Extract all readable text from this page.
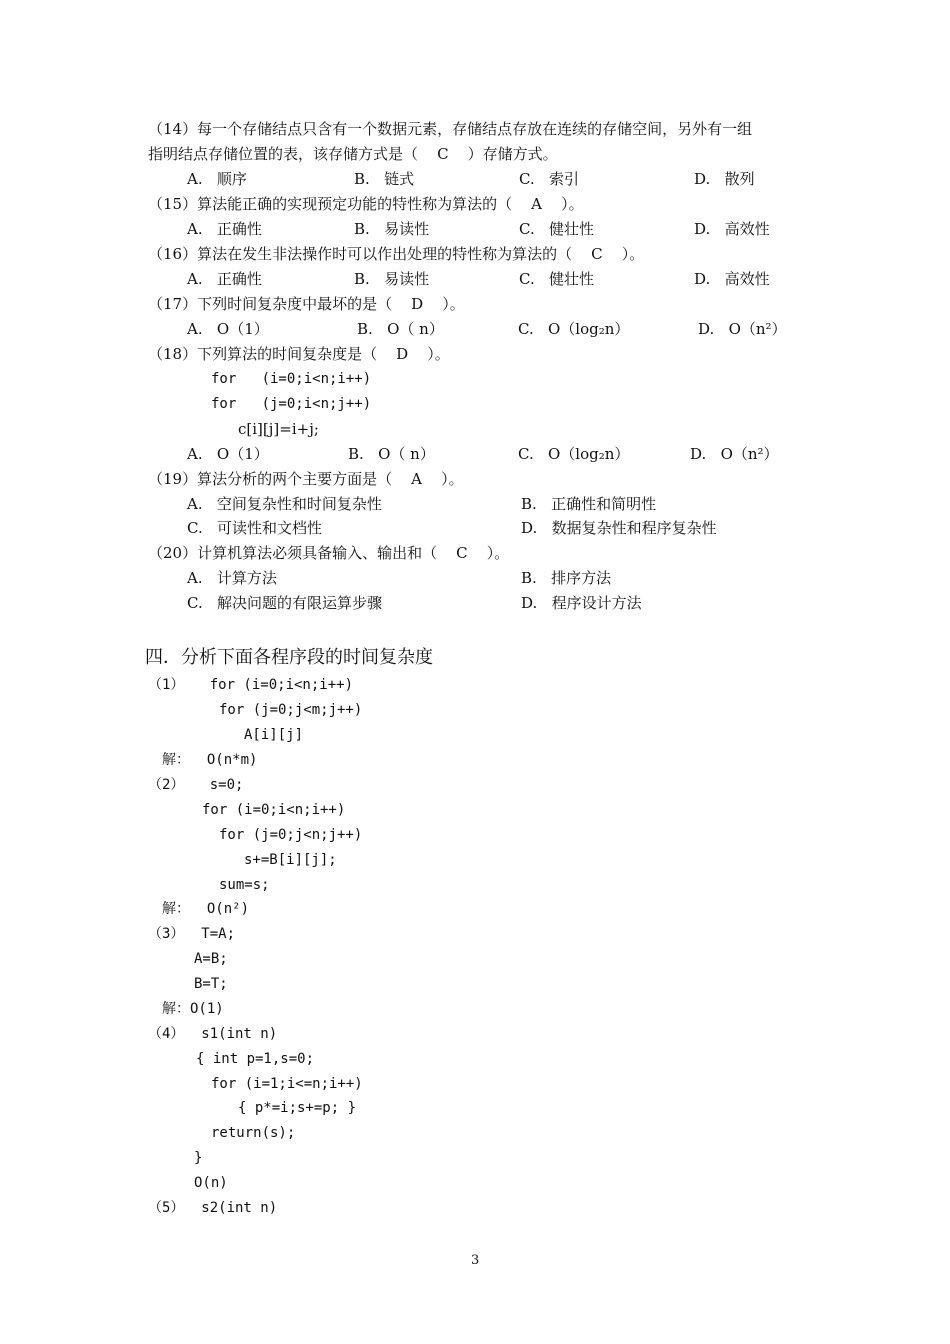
（14）每一个存储结点只含有一个数据元素，存储结点存放在连续的存储空间，另外有一组
指明结点存储位置的表，该存储方式是（    C    ）存储方式。
A.   顺序	B.   链式	C.   索引	D.   散列
（15）算法能正确的实现预定功能的特性称为算法的（    A    ）。
A.   正确性	B.   易读性	C.   健壮性	D.   高效性
（16）算法在发生非法操作时可以作出处理的特性称为算法的（    C    ）。
A.   正确性	B.   易读性	C.   健壮性	D.   高效性
（17）下列时间复杂度中最坏的是（    D    ）。
A.   O（1）	B.   O（ n）	C.   O（log₂n）	D.   O（n²）
（18）下列算法的时间复杂度是（    D    ）。
for   (i=0;i<n;i++)
for   (j=0;i<n;j++)
c[i][j]=i+j;
A.   O（1）	B.   O（ n）	C.   O（log₂n）	D.   O（n²）
（19）算法分析的两个主要方面是（    A    ）。
A.   空间复杂性和时间复杂性	B.   正确性和简明性
C.   可读性和文档性	D.   数据复杂性和程序复杂性
（20）计算机算法必须具备输入、输出和（    C    ）。
A.   计算方法	B.   排序方法
C.   解决问题的有限运算步骤	D.   程序设计方法
四．分析下面各程序段的时间复杂度
（1）   for (i=0;i<n;i++)
for (j=0;j<m;j++)
A[i][j]
解：  O(n*m)
（2）   s=0;
for (i=0;i<n;i++)
for (j=0;j<n;j++)
s+=B[i][j];
sum=s;
解：  O(n²)
（3）  T=A;
A=B;
B=T;
解：O(1)
（4）  s1(int n)
{ int p=1,s=0;
for (i=1;i<=n;i++)
{ p*=i;s+=p; }
return(s);
}
O(n)
（5）  s2(int n)
3
